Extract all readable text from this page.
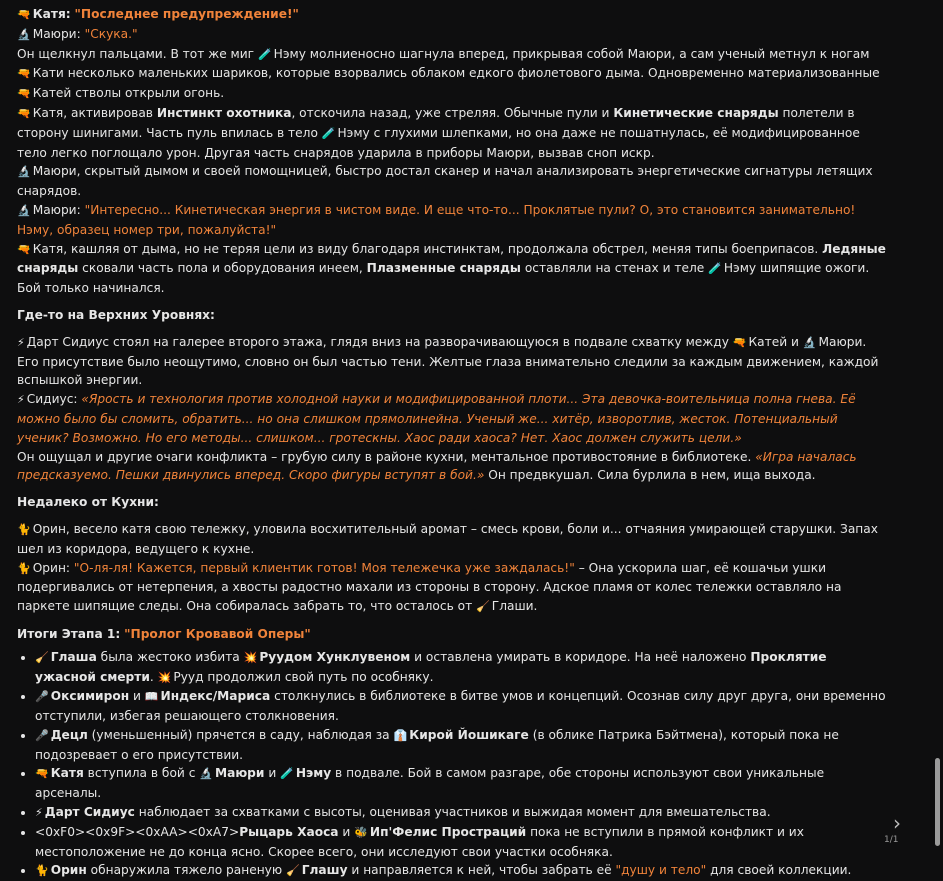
🔫 Катя: "Последнее предупреждение!"

🔬 Маюри: "Скука."

Он щелкнул пальцами. В тот же миг 🧪 Нэму молниеносно шагнула вперед, прикрывая собой Маюри, а сам ученый метнул к ногам 🔫 Кати несколько маленьких шариков, которые взорвались облаком едкого фиолетового дыма. Одновременно материализованные 🔫 Катей стволы открыли огонь.

🔫 Катя, активировав Инстинкт охотника, отскочила назад, уже стреляя. Обычные пули и Кинетические снаряды полетели в сторону шинигами. Часть пуль впилась в тело 🧪 Нэму с глухими шлепками, но она даже не пошатнулась, её модифицированное тело легко поглощало урон. Другая часть снарядов ударила в приборы Маюри, вызвав сноп искр.

🔬 Маюри, скрытый дымом и своей помощницей, быстро достал сканер и начал анализировать энергетические сигнатуры летящих снарядов.

🔬 Маюри: "Интересно... Кинетическая энергия в чистом виде. И еще что-то... Проклятые пули? О, это становится занимательно! Нэму, образец номер три, пожалуйста!"

🔫 Катя, кашляя от дыма, но не теряя цели из виду благодаря инстинктам, продолжала обстрел, меняя типы боеприпасов. Ледяные снаряды сковали часть пола и оборудования инеем, Плазменные снаряды оставляли на стенах и теле 🧪 Нэму шипящие ожоги.

Бой только начинался.

Где-то на Верхних Уровнях:

⚡ Дарт Сидиус стоял на галерее второго этажа, глядя вниз на разворачивающуюся в подвале схватку между 🔫 Катей и 🔬 Маюри. Его присутствие было неощутимо, словно он был частью тени. Желтые глаза внимательно следили за каждым движением, каждой вспышкой энергии.

⚡ Сидиус: «Ярость и технология против холодной науки и модифицированной плоти... Эта девочка-воительница полна гнева. Её можно было бы сломить, обратить... но она слишком прямолинейна. Ученый же... хитёр, изворотлив, жесток. Потенциальный ученик? Возможно. Но его методы... слишком... гротескны. Хаос ради хаоса? Нет. Хаос должен служить цели.»

Он ощущал и другие очаги конфликта – грубую силу в районе кухни, ментальное противостояние в библиотеке. «Игра началась предсказуемо. Пешки двинулись вперед. Скоро фигуры вступят в бой.» Он предвкушал. Сила бурлила в нем, ища выхода.

Недалеко от Кухни:

🐈 Орин, весело катя свою тележку, уловила восхитительный аромат – смесь крови, боли и... отчаяния умирающей старушки. Запах шел из коридора, ведущего к кухне.

🐈 Орин: "О-ля-ля! Кажется, первый клиентик готов! Моя тележечка уже заждалась!" – Она ускорила шаг, её кошачьи ушки подергивались от нетерпения, а хвосты радостно махали из стороны в сторону. Адское пламя от колес тележки оставляло на паркете шипящие следы. Она собиралась забрать то, что осталось от 🧹 Глаши.

Итоги Этапа 1: "Пролог Кровавой Оперы"

• 🧹 Глаша была жестоко избита 💥 Руудом Хунклувеном и оставлена умирать в коридоре. На неё наложено Проклятие ужасной смерти. 💥 Рууд продолжил свой путь по особняку.
• 🎤 Оксимирон и 📖 Индекс/Мариса столкнулись в библиотеке в битве умов и концепций. Осознав силу друг друга, они временно отступили, избегая решающего столкновения.
• 🎤 Децл (уменьшенный) прячется в саду, наблюдая за 👔 Кирой Йошикаге (в облике Патрика Бэйтмена), который пока не подозревает о его присутствии.
• 🔫 Катя вступила в бой с 🔬 Маюри и 🧪 Нэму в подвале. Бой в самом разгаре, обе стороны используют свои уникальные арсеналы.
• ⚡ Дарт Сидиус наблюдает за схватками с высоты, оценивая участников и выжидая момент для вмешательства.
• <0xF0><0x9F><0xAA><0xA7>Рыцарь Хаоса и 🐝 Ип'Фелис Простраций пока не вступили в прямой конфликт и их местоположение не до конца ясно. Скорее всего, они исследуют свои участки особняка.
• 🐈 Орин обнаружила тяжело раненую 🧹 Глашу и направляется к ней, чтобы забрать её "душу и тело" для своей коллекции.
›
1/1
